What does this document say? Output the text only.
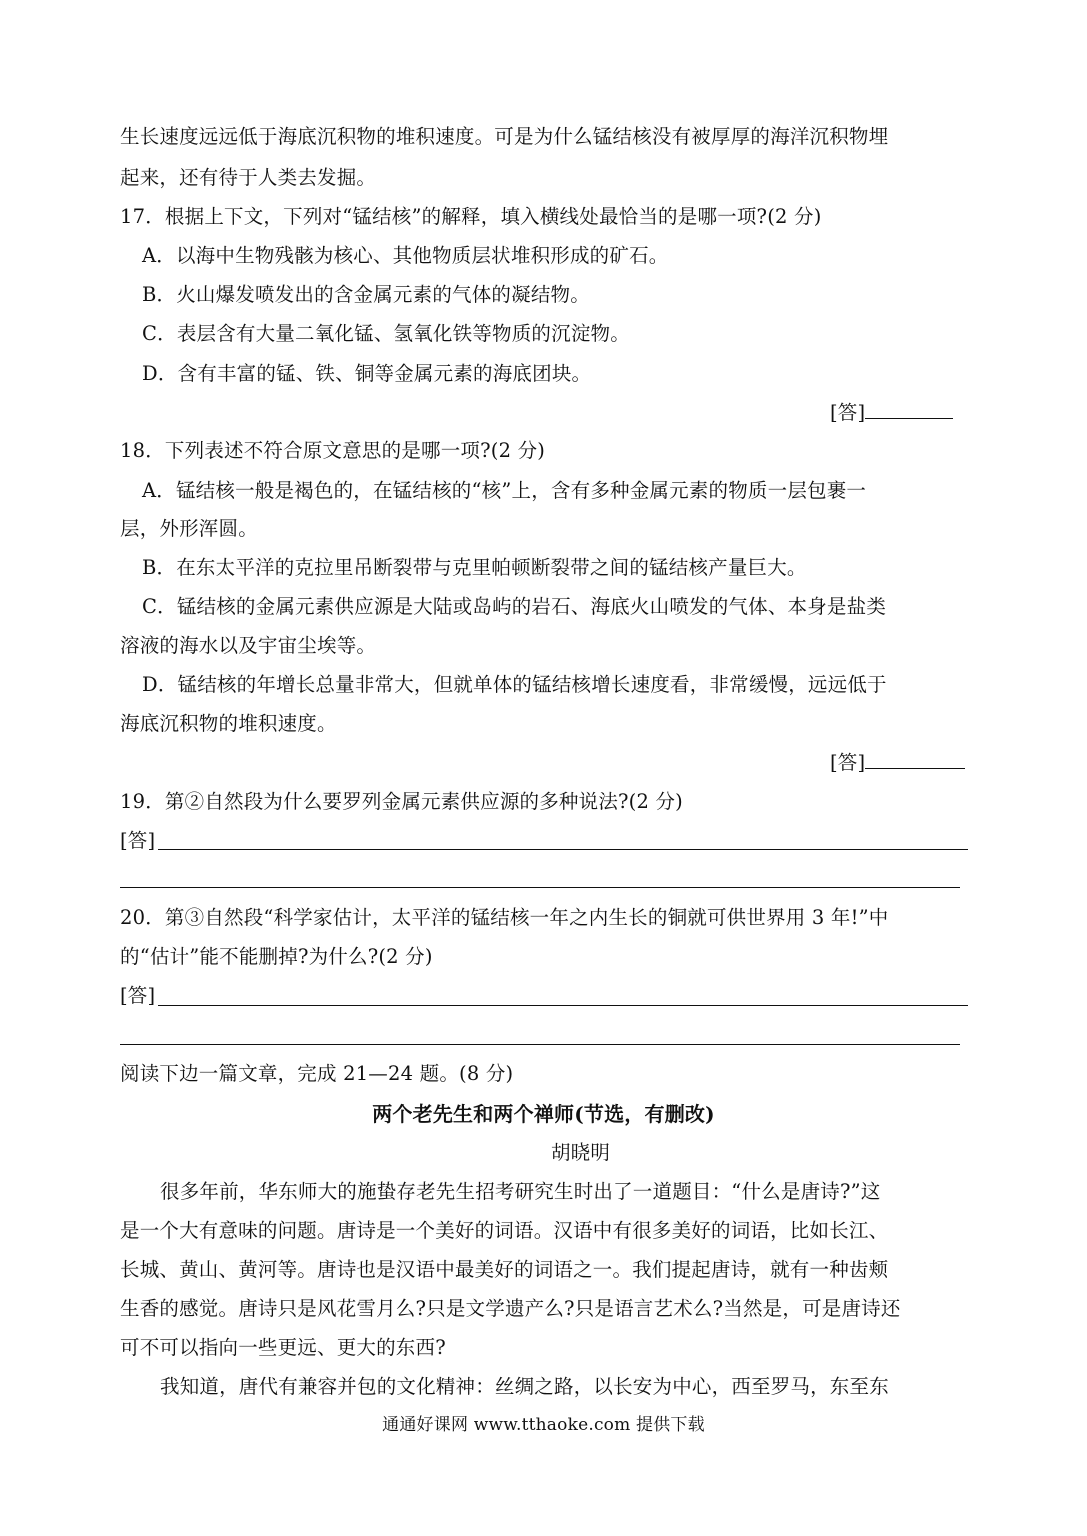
生长速度远远低于海底沉积物的堆积速度。可是为什么锰结核没有被厚厚的海洋沉积物埋
起来，还有待于人类去发掘。
17．根据上下文，下列对“锰结核”的解释，填入横线处最恰当的是哪一项?(2 分)
A．以海中生物残骸为核心、其他物质层状堆积形成的矿石。
B．火山爆发喷发出的含金属元素的气体的凝结物。
C．表层含有大量二氧化锰、氢氧化铁等物质的沉淀物。
D．含有丰富的锰、铁、铜等金属元素的海底团块。
[答]
18．下列表述不符合原文意思的是哪一项?(2 分)
A．锰结核一般是褐色的，在锰结核的“核”上，含有多种金属元素的物质一层包裹一
层，外形浑圆。
B．在东太平洋的克拉里吊断裂带与克里帕顿断裂带之间的锰结核产量巨大。
C．锰结核的金属元素供应源是大陆或岛屿的岩石、海底火山喷发的气体、本身是盐类
溶液的海水以及宇宙尘埃等。
D．锰结核的年增长总量非常大，但就单体的锰结核增长速度看，非常缓慢，远远低于
海底沉积物的堆积速度。
[答]
19．第②自然段为什么要罗列金属元素供应源的多种说法?(2 分)
[答]
20．第③自然段“科学家估计，太平洋的锰结核一年之内生长的铜就可供世界用 3 年!”中
的“估计”能不能删掉?为什么?(2 分)
[答]
阅读下边一篇文章，完成 21—24 题。(8 分)
两个老先生和两个禅师(节选，有删改)
胡晓明
很多年前，华东师大的施蛰存老先生招考研究生时出了一道题目：“什么是唐诗?”这
是一个大有意味的问题。唐诗是一个美好的词语。汉语中有很多美好的词语，比如长江、
长城、黄山、黄河等。唐诗也是汉语中最美好的词语之一。我们提起唐诗，就有一种齿颊
生香的感觉。唐诗只是风花雪月么?只是文学遗产么?只是语言艺术么?当然是，可是唐诗还
可不可以指向一些更远、更大的东西?
我知道，唐代有兼容并包的文化精神：丝绸之路，以长安为中心，西至罗马，东至东
通通好课网 www.tthaoke.com 提供下载
